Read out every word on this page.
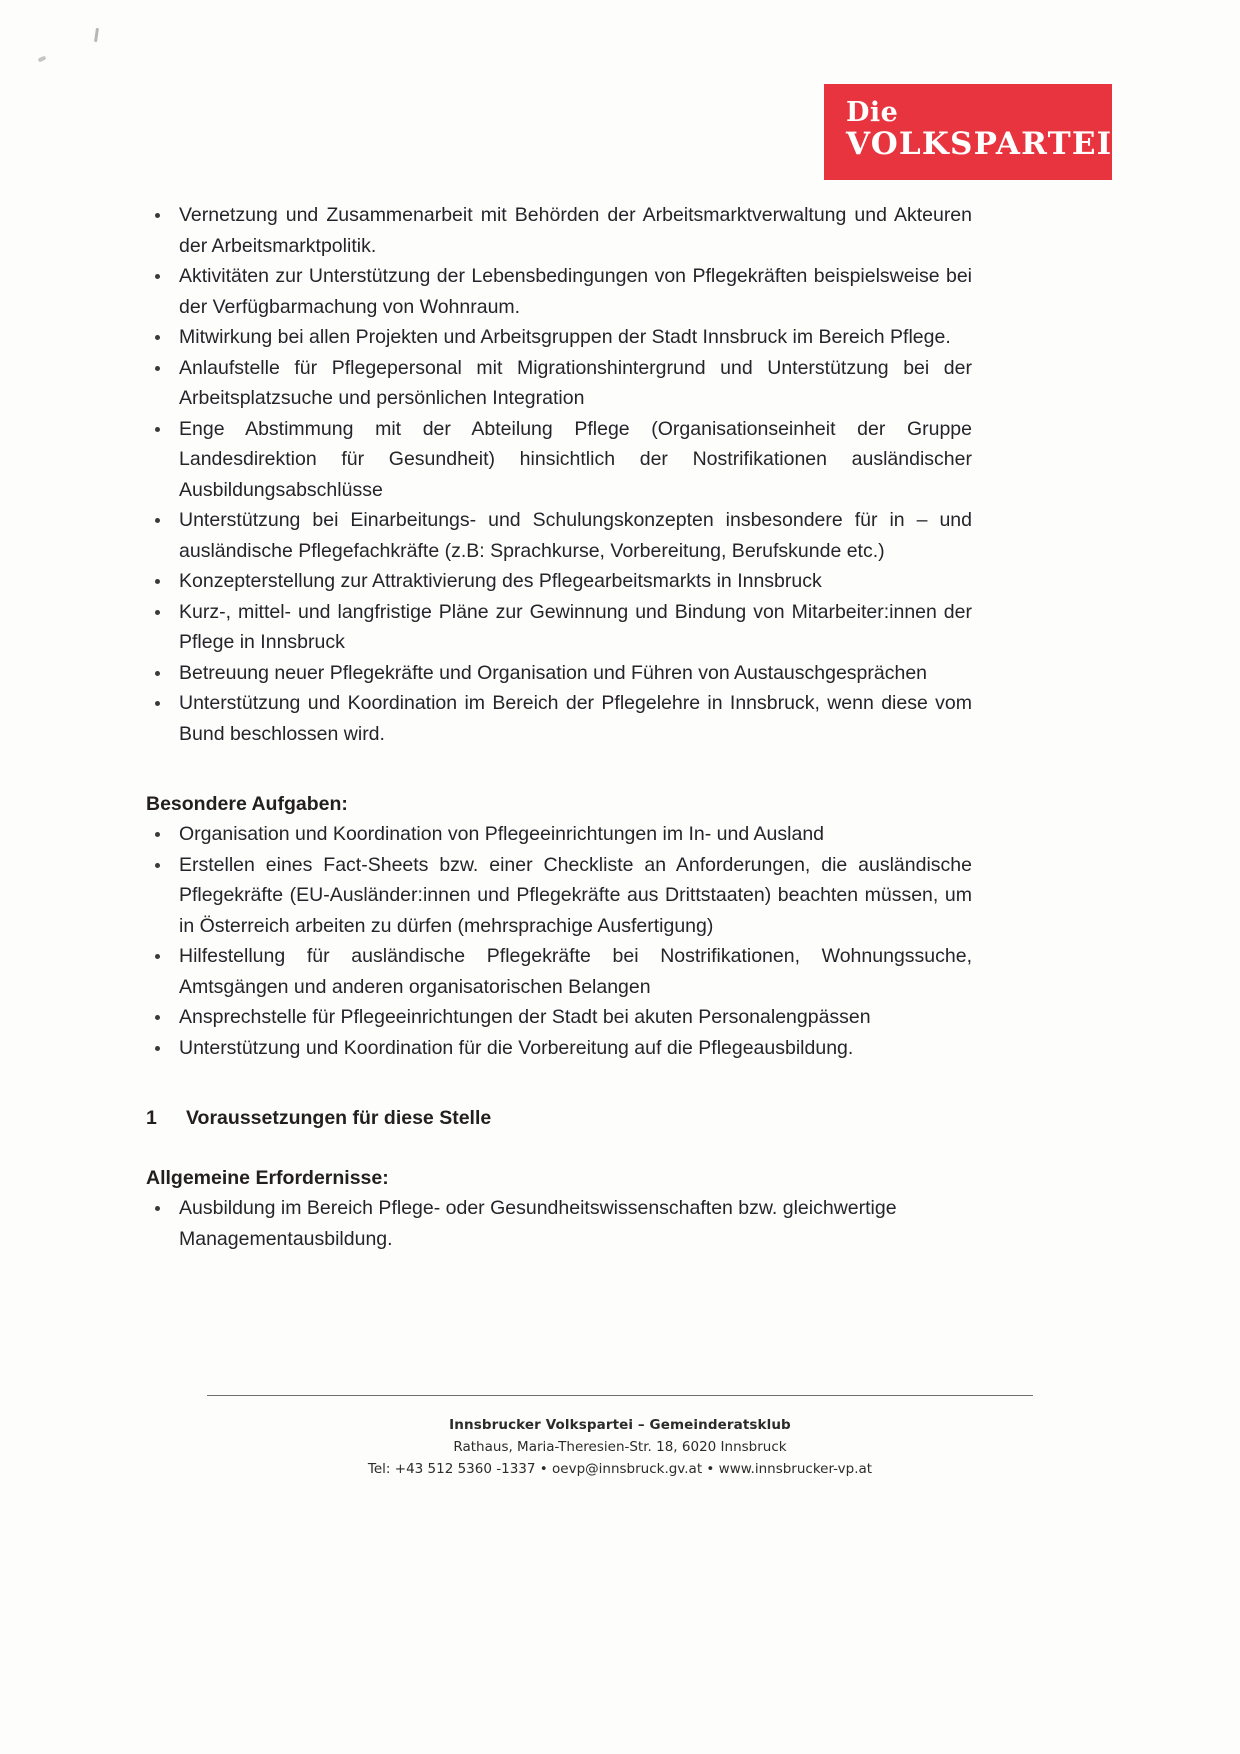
Die
VOLKSPARTEI
Vernetzung und Zusammenarbeit mit Behörden der Arbeitsmarktverwaltung und Akteuren der Arbeitsmarktpolitik.
Aktivitäten zur Unterstützung der Lebensbedingungen von Pflegekräften beispielsweise bei der Verfügbarmachung von Wohnraum.
Mitwirkung bei allen Projekten und Arbeitsgruppen der Stadt Innsbruck im Bereich Pflege.
Anlaufstelle für Pflegepersonal mit Migrationshintergrund und Unterstützung bei der Arbeitsplatzsuche und persönlichen Integration
Enge Abstimmung mit der Abteilung Pflege (Organisationseinheit der Gruppe Landesdirektion für Gesundheit) hinsichtlich der Nostrifikationen ausländischer Ausbildungsabschlüsse
Unterstützung bei Einarbeitungs- und Schulungskonzepten insbesondere für in – und ausländische Pflegefachkräfte (z.B: Sprachkurse, Vorbereitung, Berufskunde etc.)
Konzepterstellung zur Attraktivierung des Pflegearbeitsmarkts in Innsbruck
Kurz-, mittel- und langfristige Pläne zur Gewinnung und Bindung von Mitarbeiter:innen der Pflege in Innsbruck
Betreuung neuer Pflegekräfte und Organisation und Führen von Austauschgesprächen
Unterstützung und Koordination im Bereich der Pflegelehre in Innsbruck, wenn diese vom Bund beschlossen wird.
Besondere Aufgaben:
Organisation und Koordination von Pflegeeinrichtungen im In- und Ausland
Erstellen eines Fact-Sheets bzw. einer Checkliste an Anforderungen, die ausländische Pflegekräfte (EU-Ausländer:innen und Pflegekräfte aus Drittstaaten) beachten müssen, um in Österreich arbeiten zu dürfen (mehrsprachige Ausfertigung)
Hilfestellung für ausländische Pflegekräfte bei Nostrifikationen, Wohnungssuche, Amtsgängen und anderen organisatorischen Belangen
Ansprechstelle für Pflegeeinrichtungen der Stadt bei akuten Personalengpässen
Unterstützung und Koordination für die Vorbereitung auf die Pflegeausbildung.
1 Voraussetzungen für diese Stelle
Allgemeine Erfordernisse:
Ausbildung im Bereich Pflege- oder Gesundheitswissenschaften bzw. gleichwertige Managementausbildung.
Innsbrucker Volkspartei – Gemeinderatsklub
Rathaus, Maria-Theresien-Str. 18, 6020 Innsbruck
Tel: +43 512 5360 -1337 • oevp@innsbruck.gv.at • www.innsbrucker-vp.at
